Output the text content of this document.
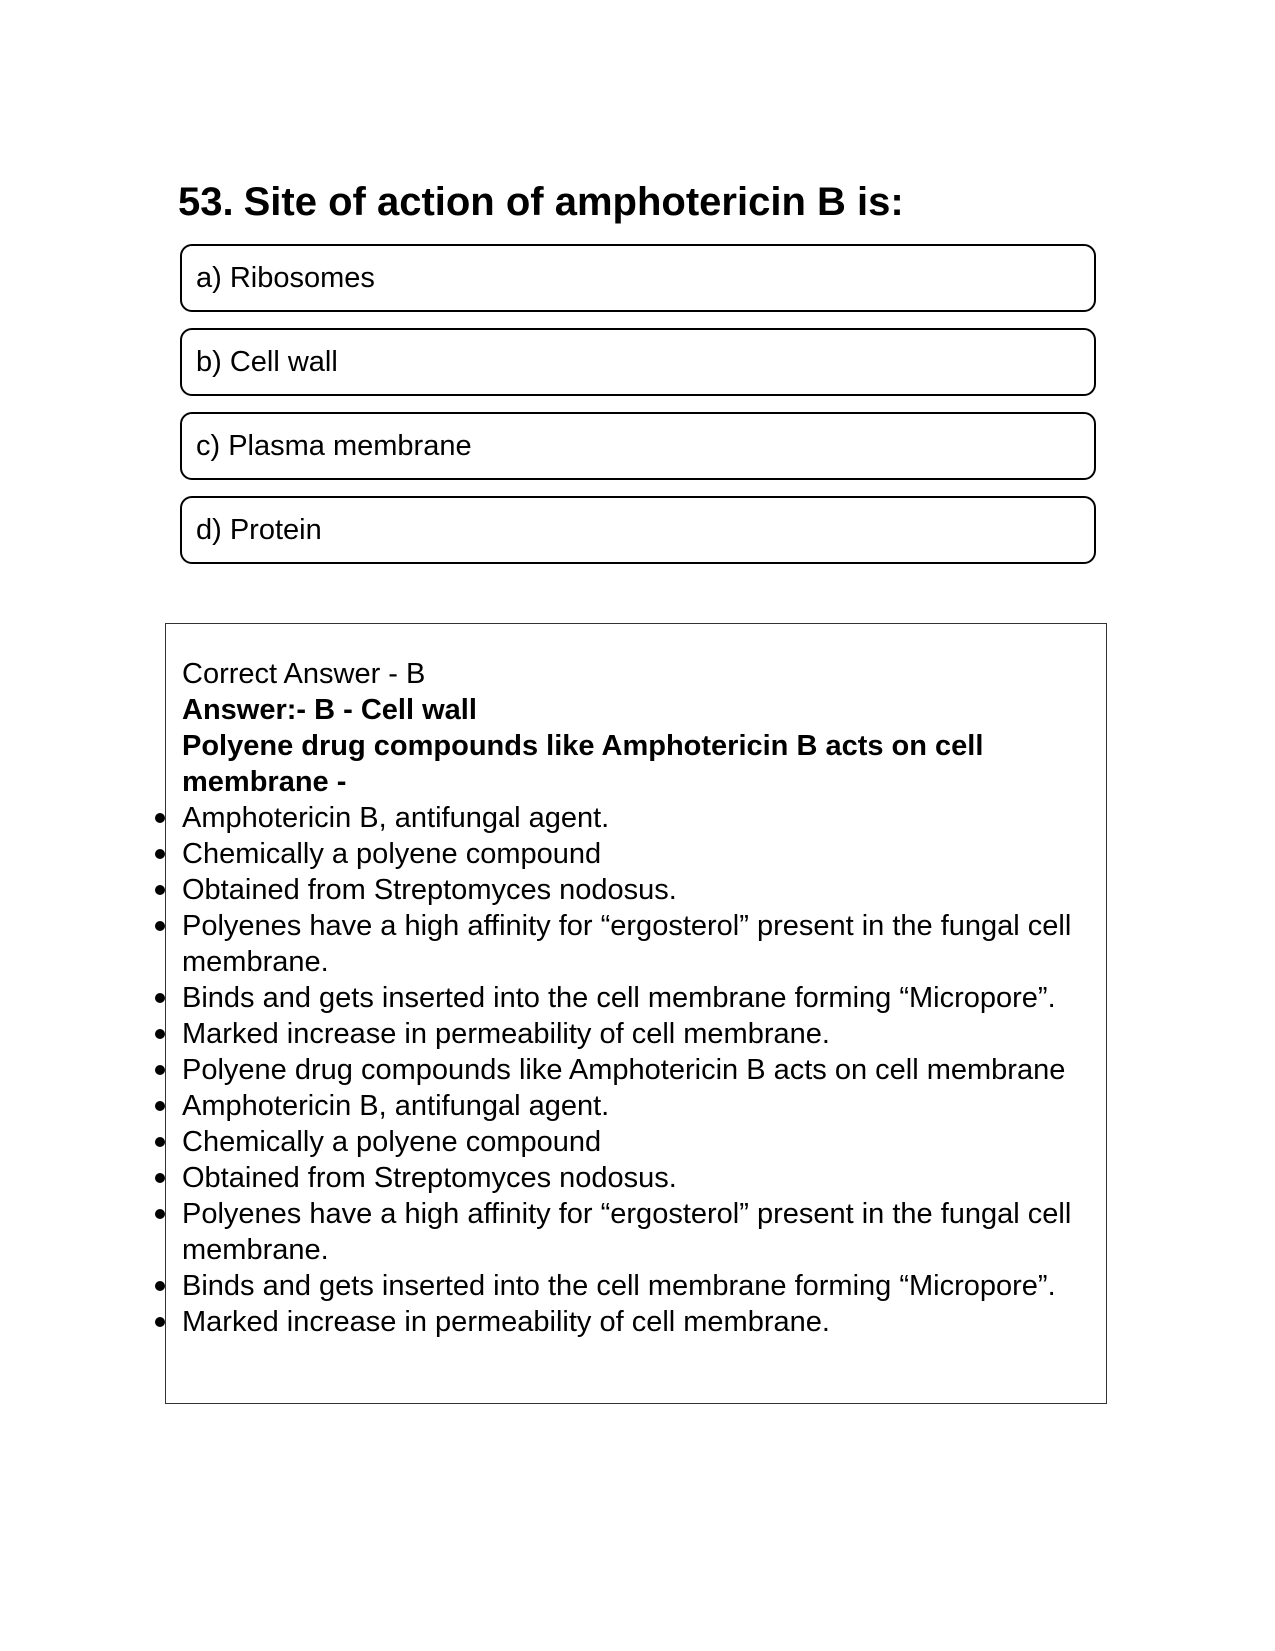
53. Site of action of amphotericin B is:
a) Ribosomes
b) Cell wall
c) Plasma membrane
d) Protein

Correct Answer - B

Answer:- B - Cell wall

Polyene drug compounds like Amphotericin B acts on cell membrane -

Amphotericin B, antifungal agent.
Chemically a polyene compound
Obtained from Streptomyces nodosus.
Polyenes have a high affinity for “ergosterol” present in the fungal cell membrane.
Binds and gets inserted into the cell membrane forming “Micropore”.
Marked increase in permeability of cell membrane.
Polyene drug compounds like Amphotericin B acts on cell membrane
Amphotericin B, antifungal agent.
Chemically a polyene compound
Obtained from Streptomyces nodosus.
Polyenes have a high affinity for “ergosterol” present in the fungal cell membrane.
Binds and gets inserted into the cell membrane forming “Micropore”.
Marked increase in permeability of cell membrane.
